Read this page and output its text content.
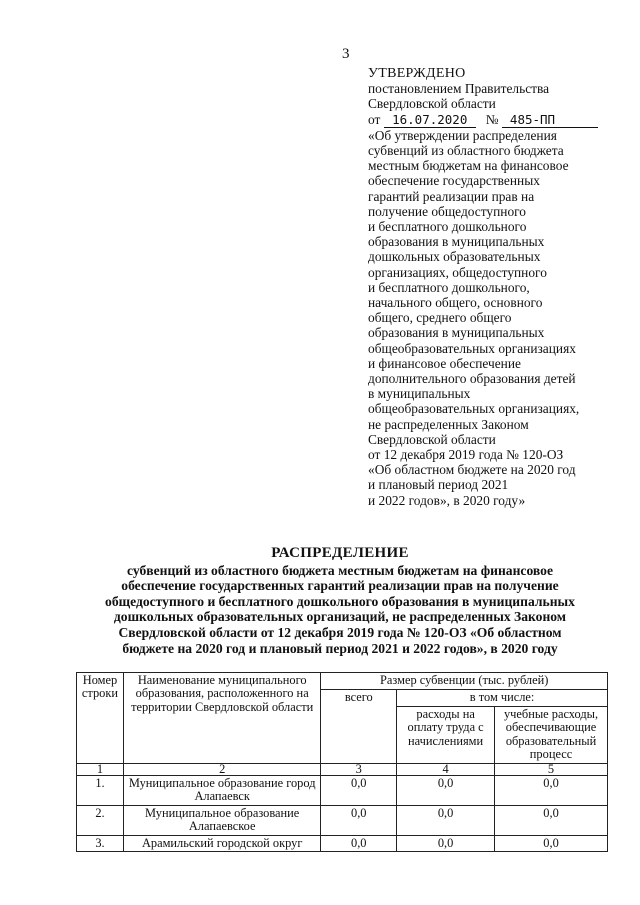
3
УТВЕРЖДЕНО
постановлением Правительства
Свердловской области
от 16.07.2020 № 485-ПП
«Об утверждении распределения
субвенций из областного бюджета
местным бюджетам на финансовое
обеспечение государственных
гарантий реализации прав на
получение общедоступного
и бесплатного дошкольного
образования в муниципальных
дошкольных образовательных
организациях, общедоступного
и бесплатного дошкольного,
начального общего, основного
общего, среднего общего
образования в муниципальных
общеобразовательных организациях
и финансовое обеспечение
дополнительного образования детей
в муниципальных
общеобразовательных организациях,
не распределенных Законом
Свердловской области
от 12 декабря 2019 года № 120-ОЗ
«Об областном бюджете на 2020 год
и плановый период 2021
и 2022 годов», в 2020 году»
РАСПРЕДЕЛЕНИЕ
субвенций из областного бюджета местным бюджетам на финансовое
обеспечение государственных гарантий реализации прав на получение
общедоступного и бесплатного дошкольного образования в муниципальных
дошкольных образовательных организаций, не распределенных Законом
Свердловской области от 12 декабря 2019 года № 120-ОЗ «Об областном
бюджете на 2020 год и плановый период 2021 и 2022 годов», в 2020 году
Номер строки	Наименование муниципального образования, расположенного на территории Свердловской области	Размер субвенции (тыс. рублей)		
		всего	в том числе:	
			расходы на оплату труда с начислениями	учебные расходы, обеспечивающие образовательный процесс
1	2	3	4	5
1.	Муниципальное образование город Алапаевск	0,0	0,0	0,0
2.	Муниципальное образование Алапаевское	0,0	0,0	0,0
3.	Арамильский городской округ	0,0	0,0	0,0
